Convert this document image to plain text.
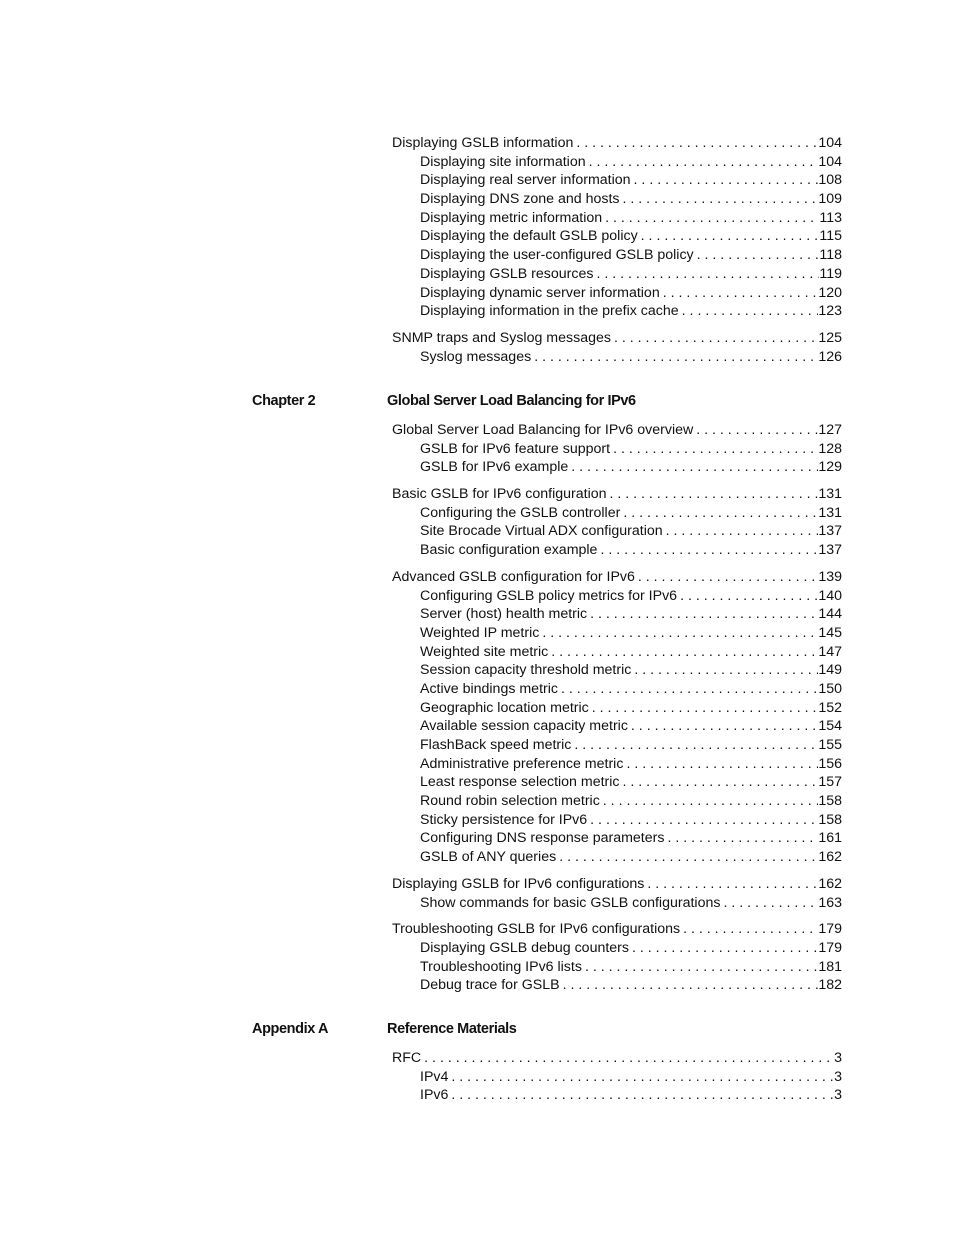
Displaying GSLB information . . .	104
Displaying site information . . .	104
Displaying real server information . . .	108
Displaying DNS zone and hosts . . .	109
Displaying metric information . . .	113
Displaying the default GSLB policy . . .	115
Displaying the user-configured GSLB policy . . .	118
Displaying GSLB resources . . .	119
Displaying dynamic server information . . .	120
Displaying information in the prefix cache . . .	123
SNMP traps and Syslog messages . . .	125
Syslog messages . . .	126
Chapter 2	Global Server Load Balancing for IPv6
Global Server Load Balancing for IPv6 overview . . .	127
GSLB for IPv6 feature support . . .	128
GSLB for IPv6 example . . .	129
Basic GSLB for IPv6 configuration . . .	131
Configuring the GSLB controller . . .	131
Site Brocade Virtual ADX configuration . . .	137
Basic configuration example . . .	137
Advanced GSLB configuration for IPv6 . . .	139
Configuring GSLB policy metrics for IPv6 . . .	140
Server (host) health metric . . .	144
Weighted IP metric . . .	145
Weighted site metric . . .	147
Session capacity threshold metric . . .	149
Active bindings metric . . .	150
Geographic location metric . . .	152
Available session capacity metric . . .	154
FlashBack speed metric . . .	155
Administrative preference metric . . .	156
Least response selection metric . . .	157
Round robin selection metric . . .	158
Sticky persistence for IPv6 . . .	158
Configuring DNS response parameters . . .	161
GSLB of ANY queries . . .	162
Displaying GSLB for IPv6 configurations . . .	162
Show commands for basic GSLB configurations . . .	163
Troubleshooting GSLB for IPv6 configurations . . .	179
Displaying GSLB debug counters . . .	179
Troubleshooting IPv6 lists . . .	181
Debug trace for GSLB . . .	182
Appendix A	Reference Materials
RFC . . .	3
IPv4 . . .	3
IPv6 . . .	3
